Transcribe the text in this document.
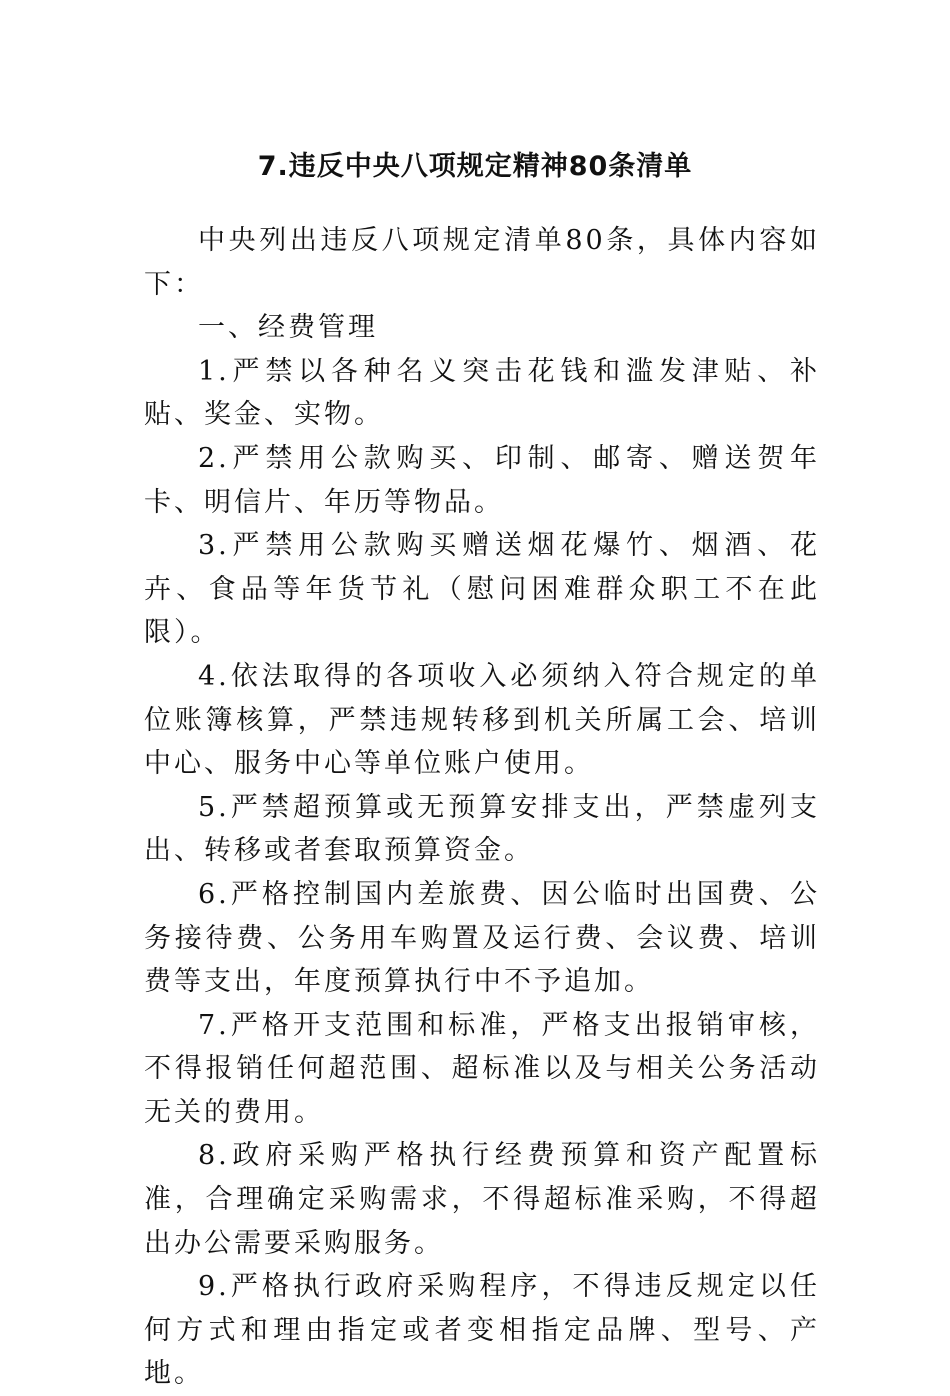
7.违反中央八项规定精神80条清单

中央列出违反八项规定清单80条，具体内容如下：

一、经费管理

1.严禁以各种名义突击花钱和滥发津贴、补贴、奖金、实物。

2.严禁用公款购买、印制、邮寄、赠送贺年卡、明信片、年历等物品。

3.严禁用公款购买赠送烟花爆竹、烟酒、花卉、食品等年货节礼（慰问困难群众职工不在此限）。

4.依法取得的各项收入必须纳入符合规定的单位账簿核算，严禁违规转移到机关所属工会、培训中心、服务中心等单位账户使用。

5.严禁超预算或无预算安排支出，严禁虚列支出、转移或者套取预算资金。

6.严格控制国内差旅费、因公临时出国费、公务接待费、公务用车购置及运行费、会议费、培训费等支出，年度预算执行中不予追加。

7.严格开支范围和标准，严格支出报销审核，不得报销任何超范围、超标准以及与相关公务活动无关的费用。

8.政府采购严格执行经费预算和资产配置标准，合理确定采购需求，不得超标准采购，不得超出办公需要采购服务。

9.严格执行政府采购程序，不得违反规定以任何方式和理由指定或者变相指定品牌、型号、产地。
